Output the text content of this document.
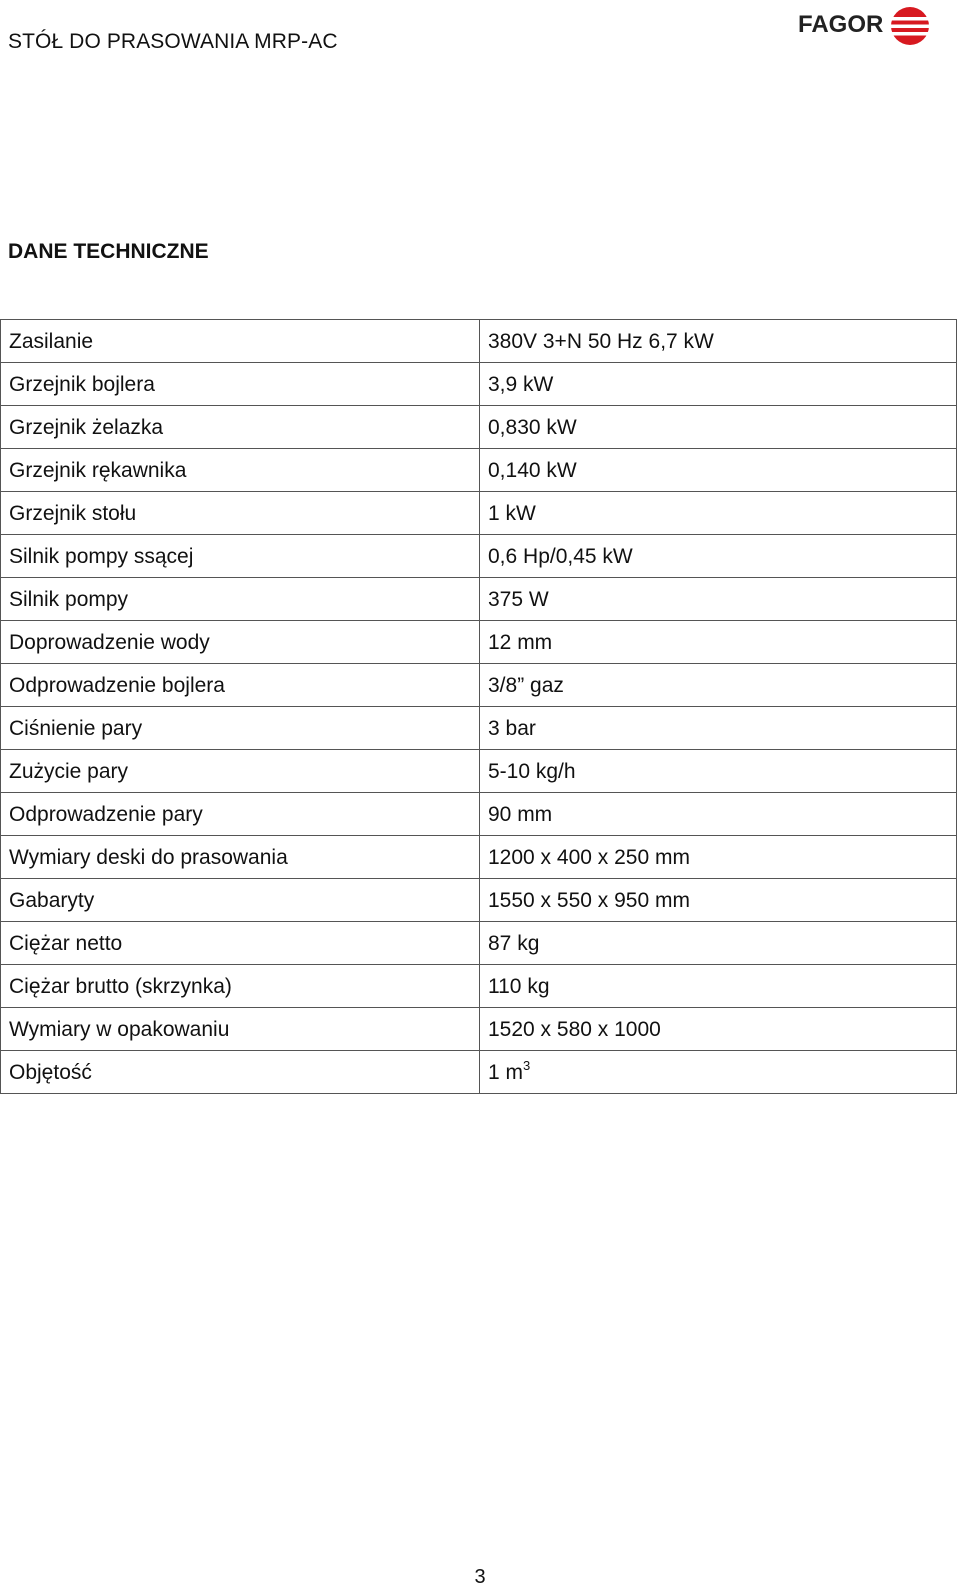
STÓŁ DO PRASOWANIA MRP-AC
FAGOR
DANE TECHNICZNE
Zasilanie	380V 3+N 50 Hz 6,7 kW
Grzejnik bojlera	3,9 kW
Grzejnik żelazka	0,830 kW
Grzejnik rękawnika	0,140 kW
Grzejnik stołu	1 kW
Silnik pompy ssącej	0,6 Hp/0,45 kW
Silnik pompy	375 W
Doprowadzenie wody	12 mm
Odprowadzenie bojlera	3/8” gaz
Ciśnienie pary	3 bar
Zużycie pary	5-10 kg/h
Odprowadzenie pary	90 mm
Wymiary deski do prasowania	1200 x 400 x 250 mm
Gabaryty	1550 x 550 x 950 mm
Ciężar netto	87 kg
Ciężar brutto (skrzynka)	110 kg
Wymiary w opakowaniu	1520 x 580 x 1000
Objętość	1 $m^3$
3
